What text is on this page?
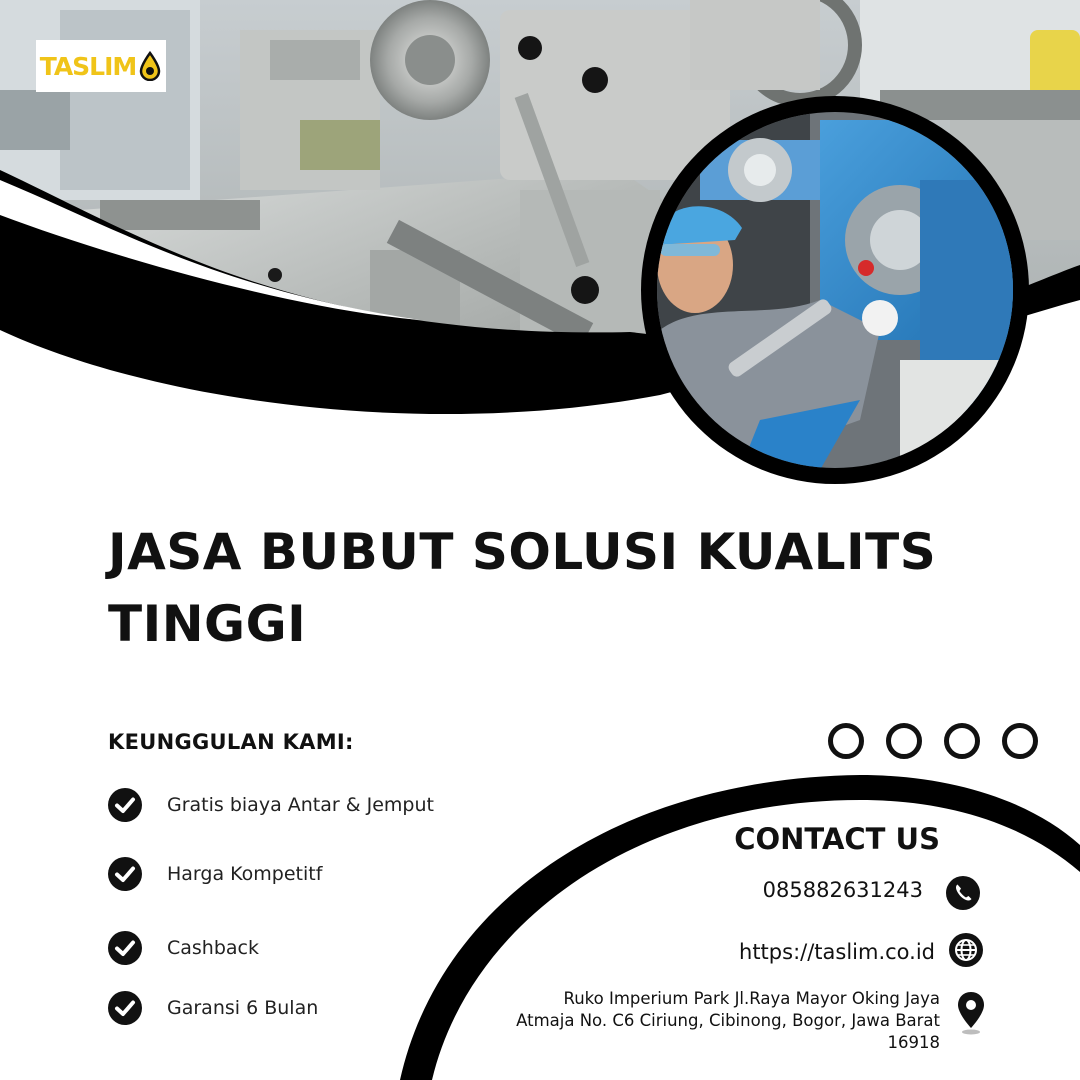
TASLIM
JASA BUBUT SOLUSI KUALITS TINGGI
KEUNGGULAN KAMI:
Gratis biaya Antar & Jemput
Harga Kompetitf
Cashback
Garansi 6 Bulan
CONTACT US
085882631243
https://taslim.co.id
Ruko Imperium Park Jl.Raya Mayor Oking Jaya Atmaja No. C6 Ciriung, Cibinong, Bogor, Jawa Barat 16918
